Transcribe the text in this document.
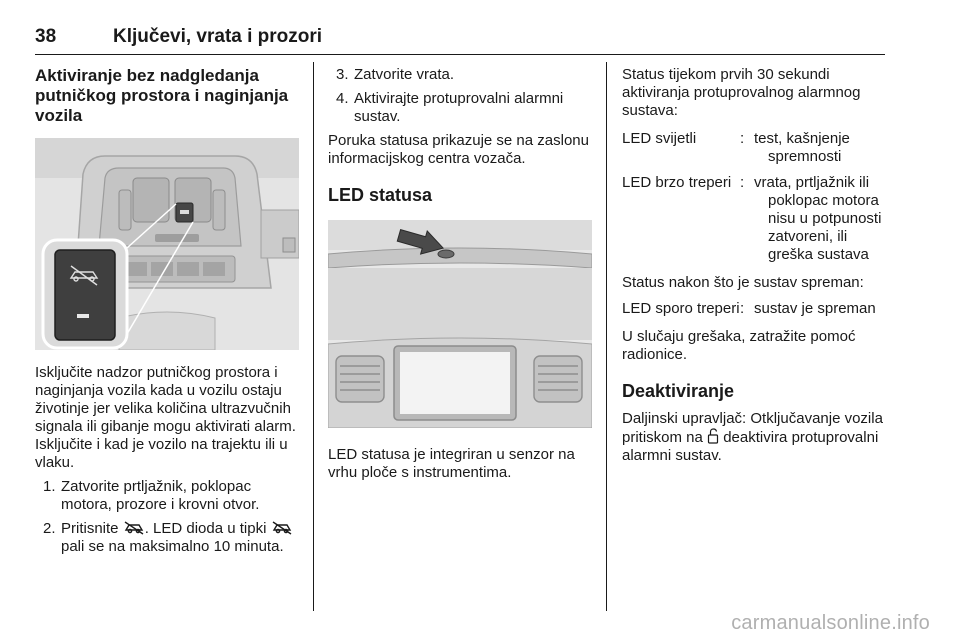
38	Ključevi, vrata i prozori

Aktiviranje bez nadgledanja putničkog prostora i naginjanja vozila

Isključite nadzor putničkog prostora i naginjanja vozila kada u vozilu ostaju životinje jer velika količina ultrazvučnih signala ili gibanje mogu aktivirati alarm. Isključite i kad je vozilo na trajektu ili u vlaku.

1. Zatvorite prtljažnik, poklopac motora, prozore i krovni otvor.
2. Pritisnite . LED dioda u tipki  pali se na maksimalno 10 minuta.
3. Zatvorite vrata.
4. Aktivirajte protuprovalni alarmni sustav.

Poruka statusa prikazuje se na zaslonu informacijskog centra vozača.

LED statusa

LED statusa je integriran u senzor na vrhu ploče s instrumentima.

Status tijekom prvih 30 sekundi aktiviranja protuprovalnog alarmnog sustava:

LED svijetli	: test, kašnjenje spremnosti
LED brzo treperi : vrata, prtljažnik ili poklopac motora nisu u potpunosti zatvoreni, ili greška sustava

Status nakon što je sustav spreman:

LED sporo treperi : sustav je spreman

U slučaju grešaka, zatražite pomoć radionice.

Deaktiviranje

Daljinski upravljač: Otključavanje vozila pritiskom na deaktivira protuprovalni alarmni sustav.

carmanualsonline.info
